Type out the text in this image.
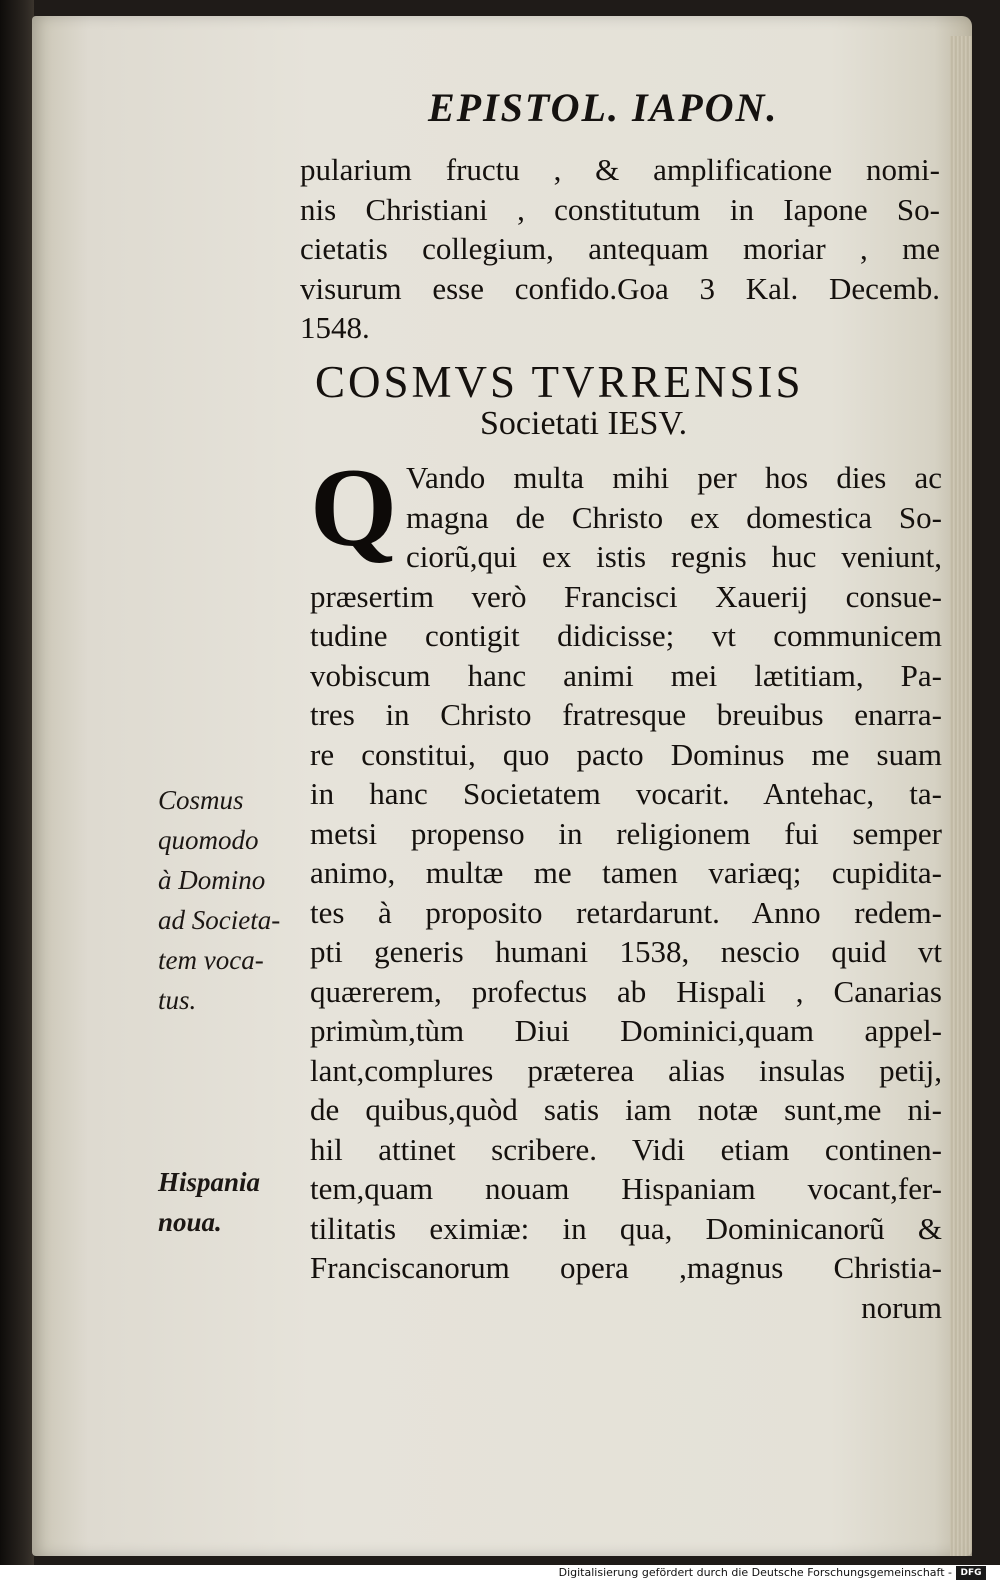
EPISTOL. IAPON.
pularium fructu , & amplificatione nomi-
nis Christiani , constitutum in Iapone So-
cietatis collegium, antequam moriar , me
visurum esse confido.Goa 3 Kal. Decemb.
1548.
COSMVS TVRRENSIS
Societati IESV.
Q Vando multa mihi per hos dies ac
magna de Christo ex domestica So-
ciorũ,qui ex istis regnis huc veniunt,
præsertim verò Francisci Xauerij consue-
tudine contigit didicisse; vt communicem
vobiscum hanc animi mei lætitiam, Pa-
tres in Christo fratresque breuibus enarra-
re constitui, quo pacto Dominus me suam
in hanc Societatem vocarit. Antehac, ta-
metsi propenso in religionem fui semper
animo, multæ me tamen variæq; cupidita-
tes à proposito retardarunt. Anno redem-
pti generis humani 1538, nescio quid vt
quærerem, profectus ab Hispali , Canarias
primùm,tùm Diui Dominici,quam appel-
lant,complures præterea alias insulas petij,
de quibus,quòd satis iam notæ sunt,me ni-
hil attinet scribere. Vidi etiam continen-
tem,quam nouam Hispaniam vocant,fer-
tilitatis eximiæ: in qua, Dominicanorũ &
Franciscanorum opera ,magnus Christia-
norum
Cosmus
quomodo
à Domino
ad Societa-
tem voca-
tus.
Hispania
noua.
Digitalisierung gefördert durch die Deutsche Forschungsgemeinschaft - DFG
